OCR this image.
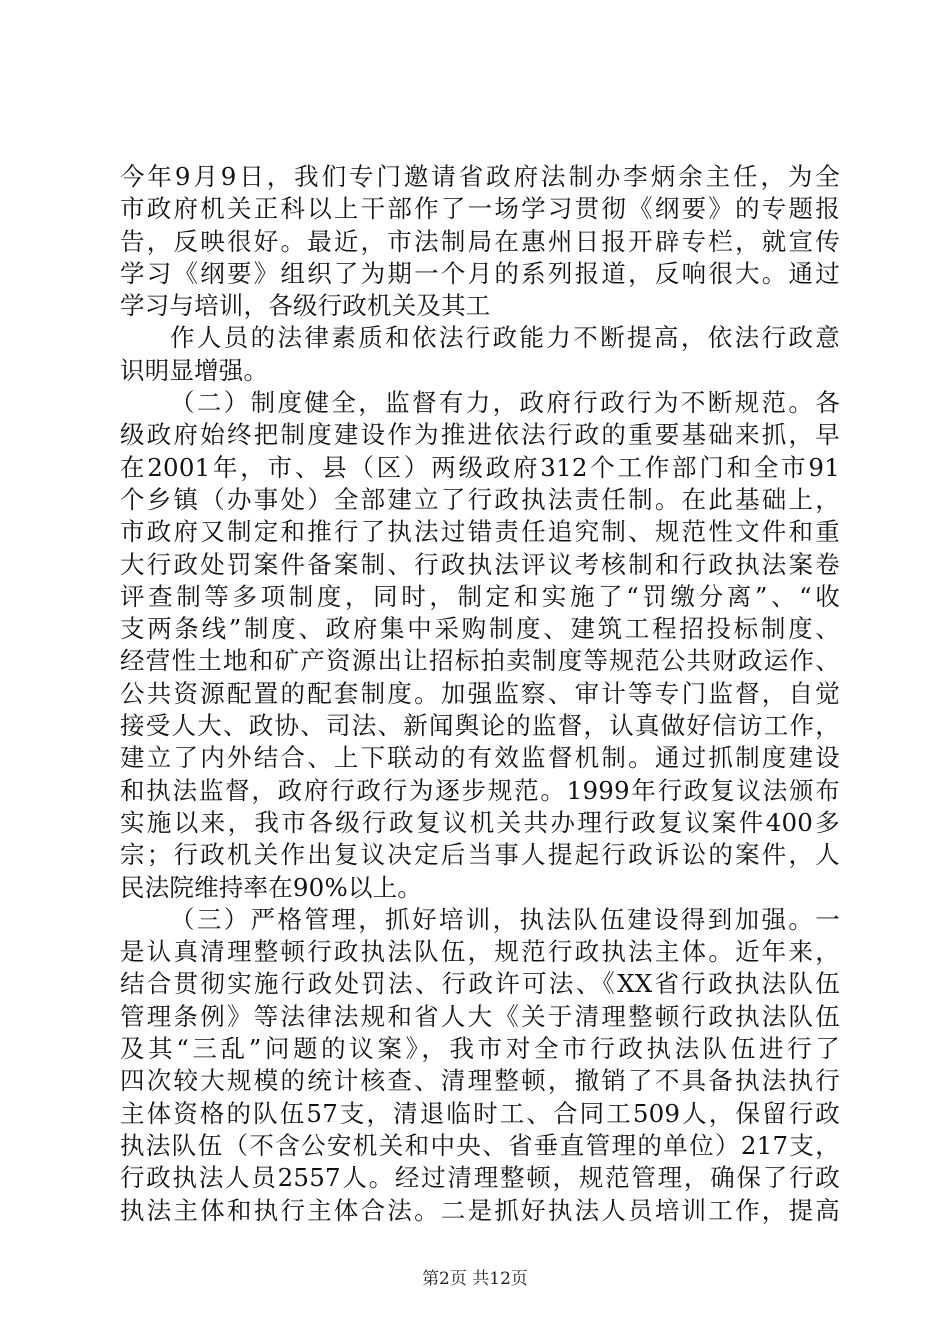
今年9月9日，我们专门邀请省政府法制办李炳余主任，为全
市政府机关正科以上干部作了一场学习贯彻《纲要》的专题报
告，反映很好。最近，市法制局在惠州日报开辟专栏，就宣传
学习《纲要》组织了为期一个月的系列报道，反响很大。通过
学习与培训，各级行政机关及其工
作人员的法律素质和依法行政能力不断提高，依法行政意
识明显增强。
（二）制度健全，监督有力，政府行政行为不断规范。各
级政府始终把制度建设作为推进依法行政的重要基础来抓，早
在2001年，市、县（区）两级政府312个工作部门和全市91
个乡镇（办事处）全部建立了行政执法责任制。在此基础上，
市政府又制定和推行了执法过错责任追究制、规范性文件和重
大行政处罚案件备案制、行政执法评议考核制和行政执法案卷
评查制等多项制度，同时，制定和实施了“罚缴分离”、“收
支两条线”制度、政府集中采购制度、建筑工程招投标制度、
经营性土地和矿产资源出让招标拍卖制度等规范公共财政运作、
公共资源配置的配套制度。加强监察、审计等专门监督，自觉
接受人大、政协、司法、新闻舆论的监督，认真做好信访工作，
建立了内外结合、上下联动的有效监督机制。通过抓制度建设
和执法监督，政府行政行为逐步规范。1999年行政复议法颁布
实施以来，我市各级行政复议机关共办理行政复议案件400多
宗；行政机关作出复议决定后当事人提起行政诉讼的案件，人
民法院维持率在90%以上。
（三）严格管理，抓好培训，执法队伍建设得到加强。一
是认真清理整顿行政执法队伍，规范行政执法主体。近年来，
结合贯彻实施行政处罚法、行政许可法、《XX省行政执法队伍
管理条例》等法律法规和省人大《关于清理整顿行政执法队伍
及其“三乱”问题的议案》，我市对全市行政执法队伍进行了
四次较大规模的统计核查、清理整顿，撤销了不具备执法执行
主体资格的队伍57支，清退临时工、合同工509人，保留行政
执法队伍（不含公安机关和中央、省垂直管理的单位）217支，
行政执法人员2557人。经过清理整顿，规范管理，确保了行政
执法主体和执行主体合法。二是抓好执法人员培训工作，提高
第2页 共12页
